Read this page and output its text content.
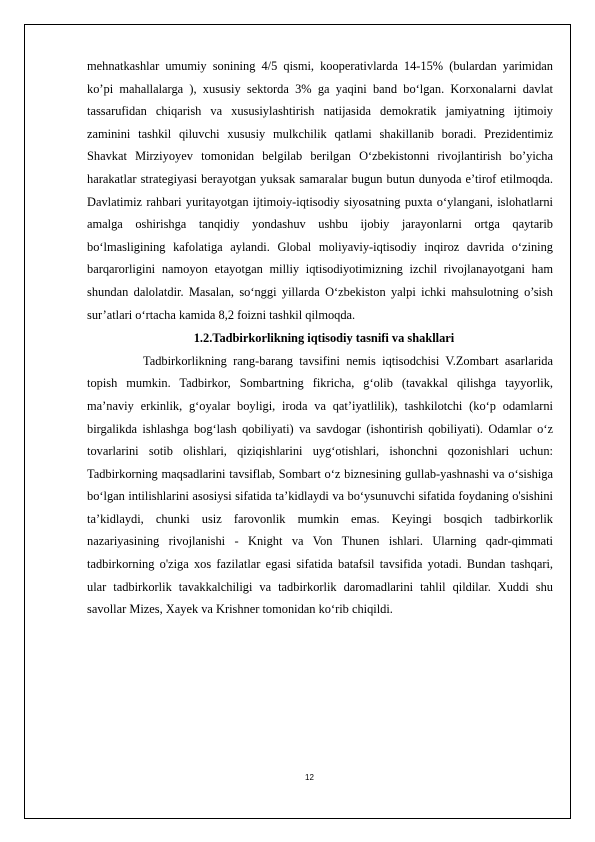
mehnatkashlar umumiy sonining 4/5 qismi, kooperativlarda 14-15% (bulardan yarimidan ko’pi mahallalarga ), xususiy sektorda 3% ga yaqini band bo‘lgan. Korxonalarni davlat tassarufidan chiqarish va xususiylashtirish natijasida demokratik jamiyatning ijtimoiy zaminini tashkil qiluvchi xususiy mulkchilik qatlami shakillanib boradi. Prezidentimiz Shavkat Mirziyoyev tomonidan belgilab berilgan O‘zbekistonni rivojlantirish bo’yicha harakatlar strategiyasi berayotgan yuksak samaralar bugun butun dunyoda e’tirof etilmoqda. Davlatimiz rahbari yuritayotgan ijtimoiy-iqtisodiy siyosatning puxta o‘ylangani, islohatlarni amalga oshirishga tanqidiy yondashuv ushbu ijobiy jarayonlarni ortga qaytarib bo‘lmasligining kafolatiga aylandi. Global moliyaviy-iqtisodiy inqiroz davrida o‘zining barqarorligini namoyon etayotgan milliy iqtisodiyotimizning izchil rivojlanayotgani ham shundan dalolatdir. Masalan, so‘nggi yillarda O‘zbekiston yalpi ichki mahsulotning o’sish sur’atlari o‘rtacha kamida 8,2 foizni tashkil qilmoqda.

1.2.Tadbirkorlikning iqtisodiy tasnifi va shakllari

Tadbirkorlikning rang-barang tavsifini nemis iqtisodchisi V.Zombart asarlarida topish mumkin. Tadbirkor, Sombartning fikricha, g‘olib (tavakkal qilishga tayyorlik, ma’naviy erkinlik, g‘oyalar boyligi, iroda va qat’iyatlilik), tashkilotchi (ko‘p odamlarni birgalikda ishlashga bog‘lash qobiliyati) va savdogar (ishontirish qobiliyati). Odamlar o‘z tovarlarini sotib olishlari, qiziqishlarini uyg‘otishlari, ishonchni qozonishlari uchun: Tadbirkorning maqsadlarini tavsiflab, Sombart o‘z biznesining gullab-yashnashi va o‘sishiga bo‘lgan intilishlarini asosiysi sifatida ta’kidlaydi va bo‘ysunuvchi sifatida foydaning o'sishini ta’kidlaydi, chunki usiz farovonlik mumkin emas. Keyingi bosqich tadbirkorlik nazariyasining rivojlanishi - Knight va Von Thunen ishlari. Ularning qadr-qimmati tadbirkorning o'ziga xos fazilatlar egasi sifatida batafsil tavsifida yotadi. Bundan tashqari, ular tadbirkorlik tavakkalchiligi va tadbirkorlik daromadlarini tahlil qildilar. Xuddi shu savollar Mizes, Xayek va Krishner tomonidan ko‘rib chiqildi.

12
